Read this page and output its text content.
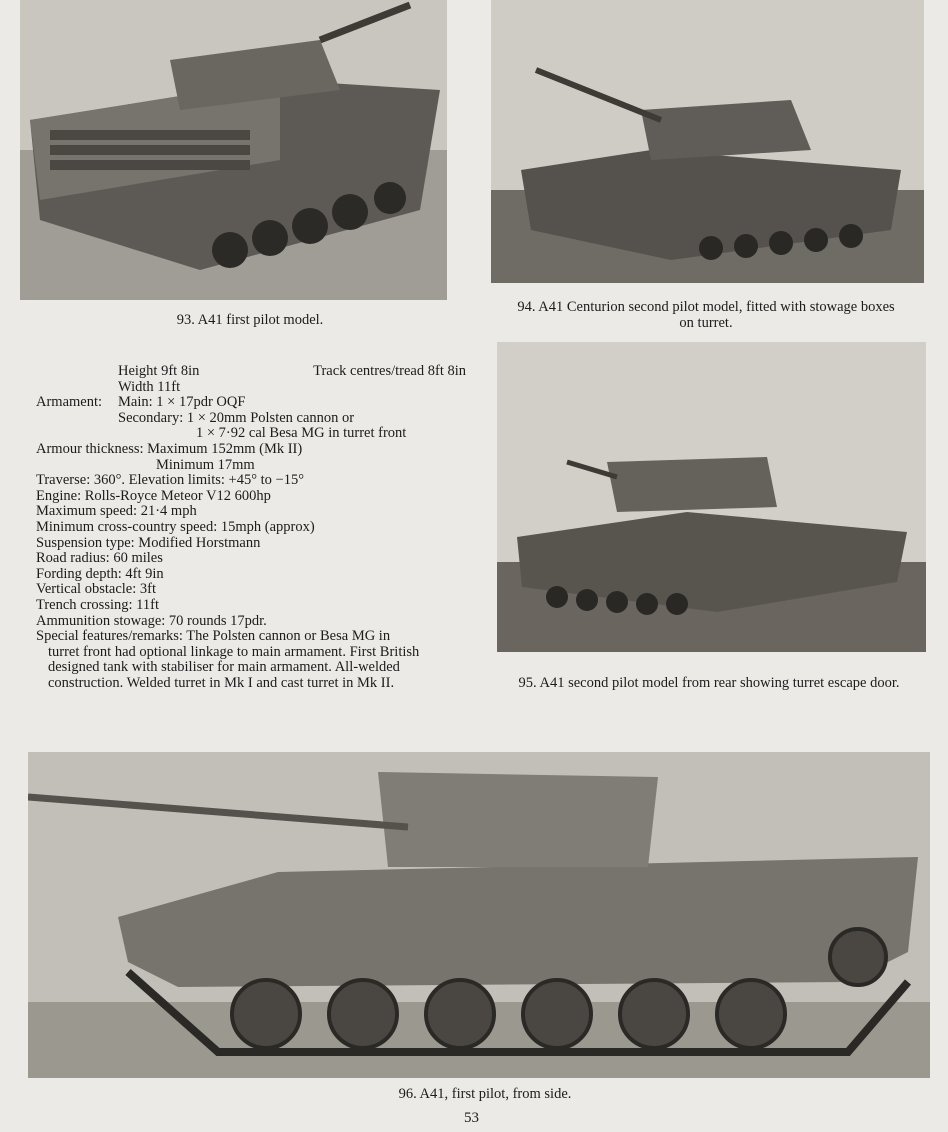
93. A41 first pilot model.
94. A41 Centurion second pilot model, fitted with stowage boxes
on turret.
95. A41 second pilot model from rear showing turret escape door.
Height 9ft 8in	Track centres/tread 8ft 8in
Width 11ft
Armament:	Main: 1 × 17pdr OQF
Secondary: 1 × 20mm Polsten cannon or
1 × 7·92 cal Besa MG in turret front
Armour thickness: Maximum 152mm (Mk II)
Minimum 17mm
Traverse: 360°. Elevation limits: +45° to −15°
Engine: Rolls-Royce Meteor V12 600hp
Maximum speed: 21·4 mph
Minimum cross-country speed: 15mph (approx)
Suspension type: Modified Horstmann
Road radius: 60 miles
Fording depth: 4ft 9in
Vertical obstacle: 3ft
Trench crossing: 11ft
Ammunition stowage: 70 rounds 17pdr.
Special features/remarks: The Polsten cannon or Besa MG in
turret front had optional linkage to main armament. First British designed tank with stabiliser for main armament. All-welded construction. Welded turret in Mk I and cast turret in Mk II.
96. A41, first pilot, from side.
53
